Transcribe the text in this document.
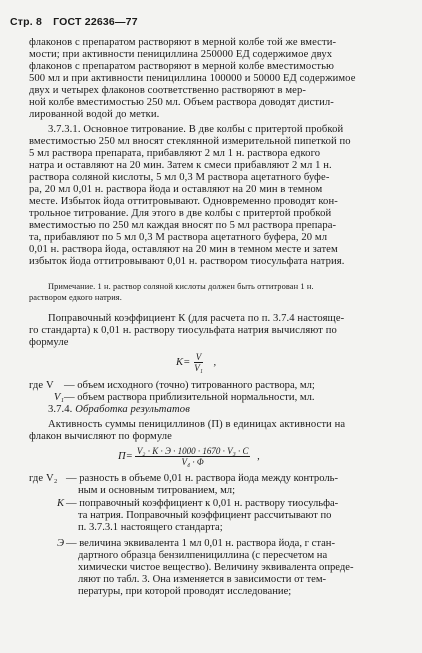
Стр. 8 ГОСТ 22636—77
флаконов с препаратом растворяют в мерной колбе той же вмести-
мости; при активности пенициллина 250000 ЕД содержимое двух
флаконов с препаратом растворяют в мерной колбе вместимостью
500 мл и при активности пенициллина 100000 и 50000 ЕД содержимое
двух и четырех флаконов соответственно растворяют в мер-
ной колбе вместимостью 250 мл. Объем раствора доводят дистил-
лированной водой до метки.
3.7.3.1. Основное титрование. В две колбы с притертой пробкой
вместимостью 250 мл вносят стеклянной измерительной пипеткой по
5 мл раствора препарата, прибавляют 2 мл 1 н. раствора едкого
натра и оставляют на 20 мин. Затем к смеси прибавляют 2 мл 1 н.
раствора соляной кислоты, 5 мл 0,3 М раствора ацетатного буфе-
ра, 20 мл 0,01 н. раствора йода и оставляют на 20 мин в темном
месте. Избыток йода оттитровывают. Одновременно проводят кон-
трольное титрование. Для этого в две колбы с притертой пробкой
вместимостью по 250 мл каждая вносят по 5 мл раствора препара-
та, прибавляют по 5 мл 0,3 М раствора ацетатного буфера, 20 мл
0,01 н. раствора йода, оставляют на 20 мин в темном месте и затем
избыток йода оттитровывают 0,01 н. раствором тиосульфата натрия.
Примечание. 1 н. раствор соляной кислоты должен быть оттитрован 1 н.
раствором едкого натрия.
Поправочный коэффициент К (для расчета по п. 3.7.4 настояще-
го стандарта) к 0,01 н. раствору тиосульфата натрия вычисляют по
формуле
$K= \frac{V}{\text{V₁}}$ ,
где V — объем исходного (точно) титрованного раствора, мл;
V₁ — объем раствора приблизительной нормальности, мл.
3.7.4. Обработка результатов
Активность суммы пенициллинов (П) в единицах активности на
флакон вычисляют по формуле
$П= \frac{\text{V₂ · K · Э · 1000 · 1670 · V₃ · C}}{\text{V₄ · Φ}}$ ,
где V₂ — разность в объеме 0,01 н. раствора йода между контроль-
ным и основным титрованием, мл;
К — поправочный коэффициент к 0,01 н. раствору тиосульфа-
та натрия. Поправочный коэффициент рассчитывают по
п. 3.7.3.1 настоящего стандарта;
Э — величина эквивалента 1 мл 0,01 н. раствора йода, г стан-
дартного образца бензилпенициллина (с пересчетом на
химически чистое вещество). Величину эквивалента опреде-
ляют по табл. 3. Она изменяется в зависимости от тем-
пературы, при которой проводят исследование;
